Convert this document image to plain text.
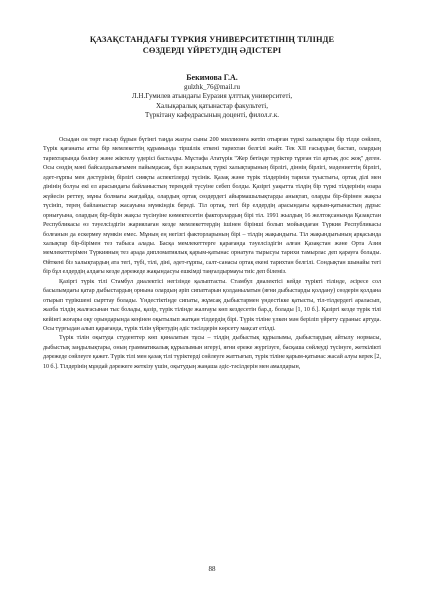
ҚАЗАҚСТАНДАҒЫ ТҮРКИЯ УНИВЕРСИТЕТІНІҢ ТІЛІНДЕ
СӨЗДЕРДІ ҮЙРЕТУДІҢ ӘДІСТЕРІ
Бекимова Г.А.
gulzhk_76@mail.ru
Л.Н.Гумилев атындағы Еуразия ұлттық университеті,
Халықаралық қатынастар факультеті,
Түркітану кафедрасының доценті, филол.ғ.к.

Осыдан он төрт ғасыр бұрын бүгінгі таңда жазуы сыны 200 миллионға жетіп отырған түркі халықтары бір тілде сөйлеп, Түрік қағанаты атты бір мемлекеттің құрамында тіршілік еткені тарихтан белгілі жайт. Тек XII ғасырдың бастап, олардың тарихтарында бөліну және жіктелу үдерісі басталды. Мұстафа Ататүрік "Жер бетінде түріктер тұрған тіл артық дос жоқ" деген. Осы сөздің мәні байсалдылығымен пайымдасақ, бұл жақсылық түркі халықтарының бірлігі, діннің бірлігі, мәдениеттің бірлігі, әдет-ғұрпы мен дәстүрінің бірлігі сияқты аспектілерді түсінік. Қазақ және түрік тілдерінің тарихи туыстығы, ортақ ділі мен дінінің болуы екі ел арасындағы байланыстың тереңдей түсуіне себеп болды. Қазіргі уақытта тілдің бір түркі тілдерінің өзара жүйесін реттеу, мұны болмағы жағдайда, олардың ортақ сөздердегі айырмашылықтарды анықтап, оларды бір-бірінен жақсы түсініп, терең байланыстар жасауына мүмкіндік береді. Тіл ортақ, тегі бір елдердің арасындағы қарым-қатынастың дұрыс орнығуына, олардың бір-бірін жақсы түсінуіне көмектесетін факторлардың бірі тіл. 1991 жылдың 16 желтоқсанында Қазақстан Республикасы өз тәуелсіздігін жариялаған кезде мемлекеттердің ішінен бірінші болып мойындаған Түркия Республикасы болғанын да ескермеу мүмкін емес. Мұның ең негізгі факторларының бірі – тілдің жақындығы. Тіл жақындығының арқасында халықтар бір-бірімен тез табыса алады. Басқа мемлекеттерге қарағанда тәуелсіздігін алған Қазақстан және Орта Азия мемлекеттерімен Түркияның тез арада дипломатиялық қарым-қатынас орнатуға тырысуы тарихи тамырлас деп қарауға болады. Өйткені біз халықтардың ата тегі, түбі, тілі, діні, әдет-ғұрпы, салт-санасы ортақ екені тарихтан белгілі. Сондықтан шынайы тегі бір бұл елдердің алдағы кезде дәрежеде жақындасуы ешкімді таңғалдырмауы тиіс деп білеміз.

Қазіргі түрік тілі Стамбул диалектісі негізінде қалыптасты. Стамбул диалектісі кейде түрікті тілінде, әсіресе сол басылымдағы қатар дыбыстардың орнына олардың әріп сипаттарын қолданылатын (яғни дыбыстарды қолдану) сөздерін қолдана отырып түрікшені сырттау болады. Үндестіктіңде сипаты, жұмсақ дыбыстармен үндестікке қатысты, тіл-тілдердегі араласып, жазба тілдің жалғасынан тыс болады, қазір, түрік тілінде жалғауы көп кездесетін бар.д. болады [1, 10 б.]. Қазіргі кезде түрік тілі кейінгі жоғары оқу орындарында кеңінен оқытылып жатқан тілдердің бірі. Түрік тіліне үлкен мән беріліп үйрету сұраныс артуда. Осы түрғыдан алып қарағанда, түрік тілін үйретудің әдіс тәсілдерін көрсету мақсат етілді.

Түрік тілін оқытуда студенттер көп қиналатын тұсы – тілдің дыбыстық құрылымы, дыбыстардың айтылу нормасы, дыбыстық заңдылықтары, оның грамматикалық құрылымын игеруі, яғни ереже жүргізуге, басқаша сөйлеуді түсінуге, жеткілікті дәрежеде сөйлеуге қажет. Түрік тілі мен қазақ тілі түріктерді сөйлеуге жаттығып, түрік тіліне қарым-қатынас жасай алуы керек [2, 10 б.]. Тілдерінің мұндай дәрежеге жеткізу үшін, оқытудың жаңаша әдіс-тәсілдерін мен амалдарын,

88
